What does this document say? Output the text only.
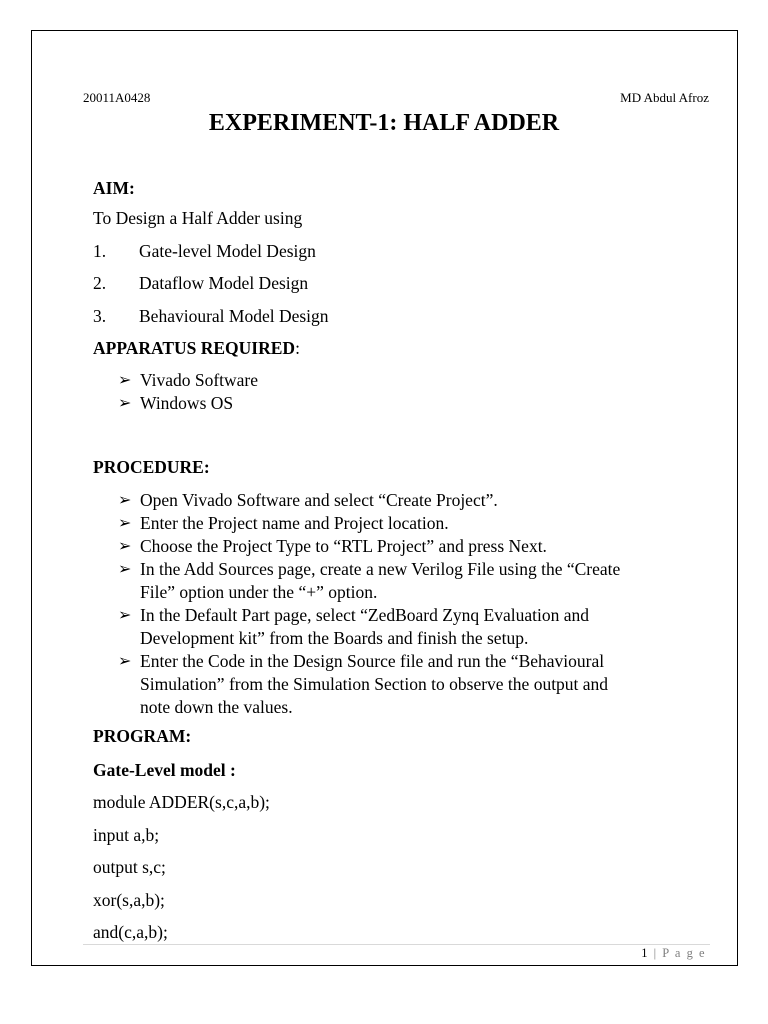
20011A0428	MD Abdul Afroz
EXPERIMENT-1: HALF ADDER
AIM:
To Design a Half Adder using
1. Gate-level Model Design
2. Dataflow Model Design
3. Behavioural Model Design
APPARATUS REQUIRED:
➢ Vivado Software
➢ Windows OS
PROCEDURE:
➢ Open Vivado Software and select “Create Project”.
➢ Enter the Project name and Project location.
➢ Choose the Project Type to “RTL Project” and press Next.
➢ In the Add Sources page, create a new Verilog File using the “Create
File” option under the “+” option.
➢ In the Default Part page, select “ZedBoard Zynq Evaluation and
Development kit” from the Boards and finish the setup.
➢ Enter the Code in the Design Source file and run the “Behavioural
Simulation” from the Simulation Section to observe the output and
note down the values.
PROGRAM:
Gate-Level model :
module ADDER(s,c,a,b);
input a,b;
output s,c;
xor(s,a,b);
and(c,a,b);
1 | P a g e
